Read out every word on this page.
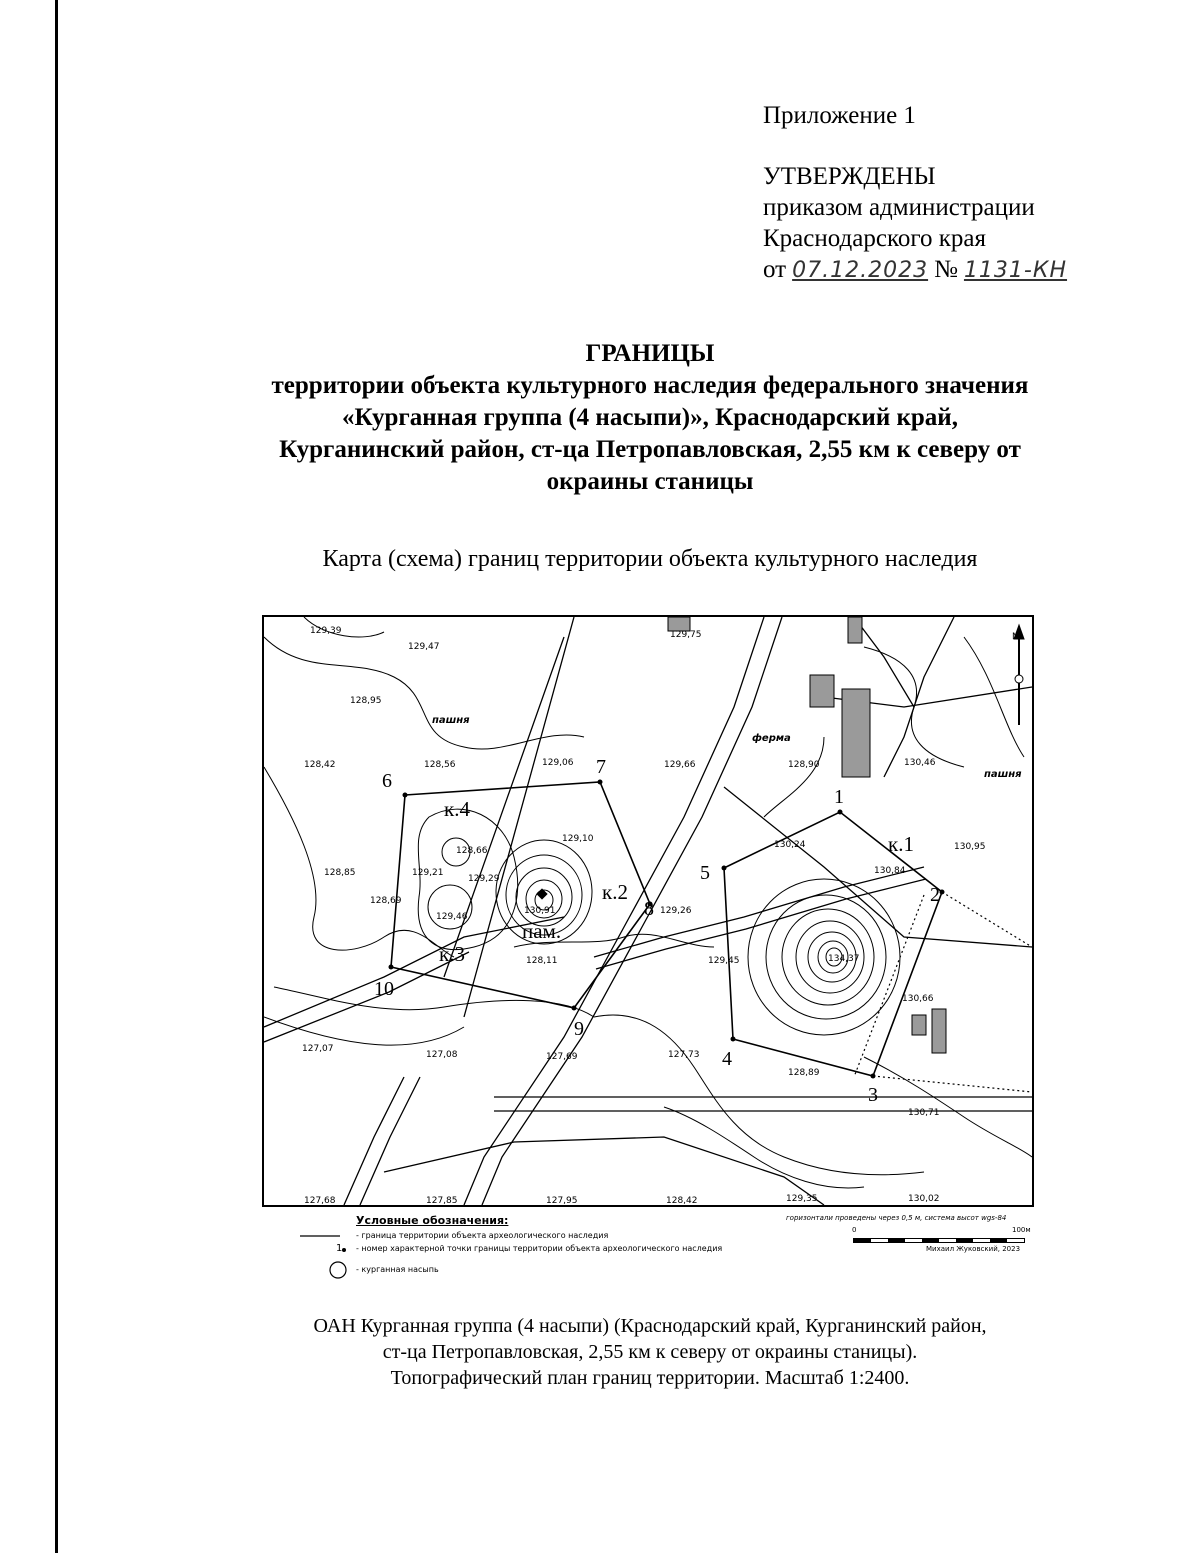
Приложение 1
УТВЕРЖДЕНЫ
приказом администрации
Краснодарского края
от 07.12.2023 № 1131-КН
ГРАНИЦЫ
территории объекта культурного наследия федерального значения
«Курганная группа (4 насыпи)», Краснодарский край,
Курганинский район, ст-ца Петропавловская, 2,55 км к северу от
окраины станицы
Карта (схема) границ территории объекта культурного наследия
N
пашня
ферма
пашня
к.1
к.2
к.3
к.4
пам.
1
2
3
4
5
6
7
8
9
10
129,39
129,47
129,75
128,95
128,42	128,56	129,06	129,66	128,90	130,46
129,10
130,24
130,84
130,95
128,85	129,21
129,29
128,69
129,46
130,91	129,26
128,11	129,45	134,37
130,66
127,07
127,08	127,69	127,73
128,89
130,71
127,68	127,85	127,95	128,42	129,35	130,02
128,66
Условные обозначения:
- граница территории объекта археологического наследия
1 - номер характерной точки границы территории объекта археологического наследия
- курганная насыпь
горизонтали проведены через 0,5 м, система высот wgs-84
0	100м
Михаил Жуковский, 2023
ОАН Курганная группа (4 насыпи) (Краснодарский край, Курганинский район,
ст-ца Петропавловская, 2,55 км к северу от окраины станицы).
Топографический план границ территории. Масштаб 1:2400.
